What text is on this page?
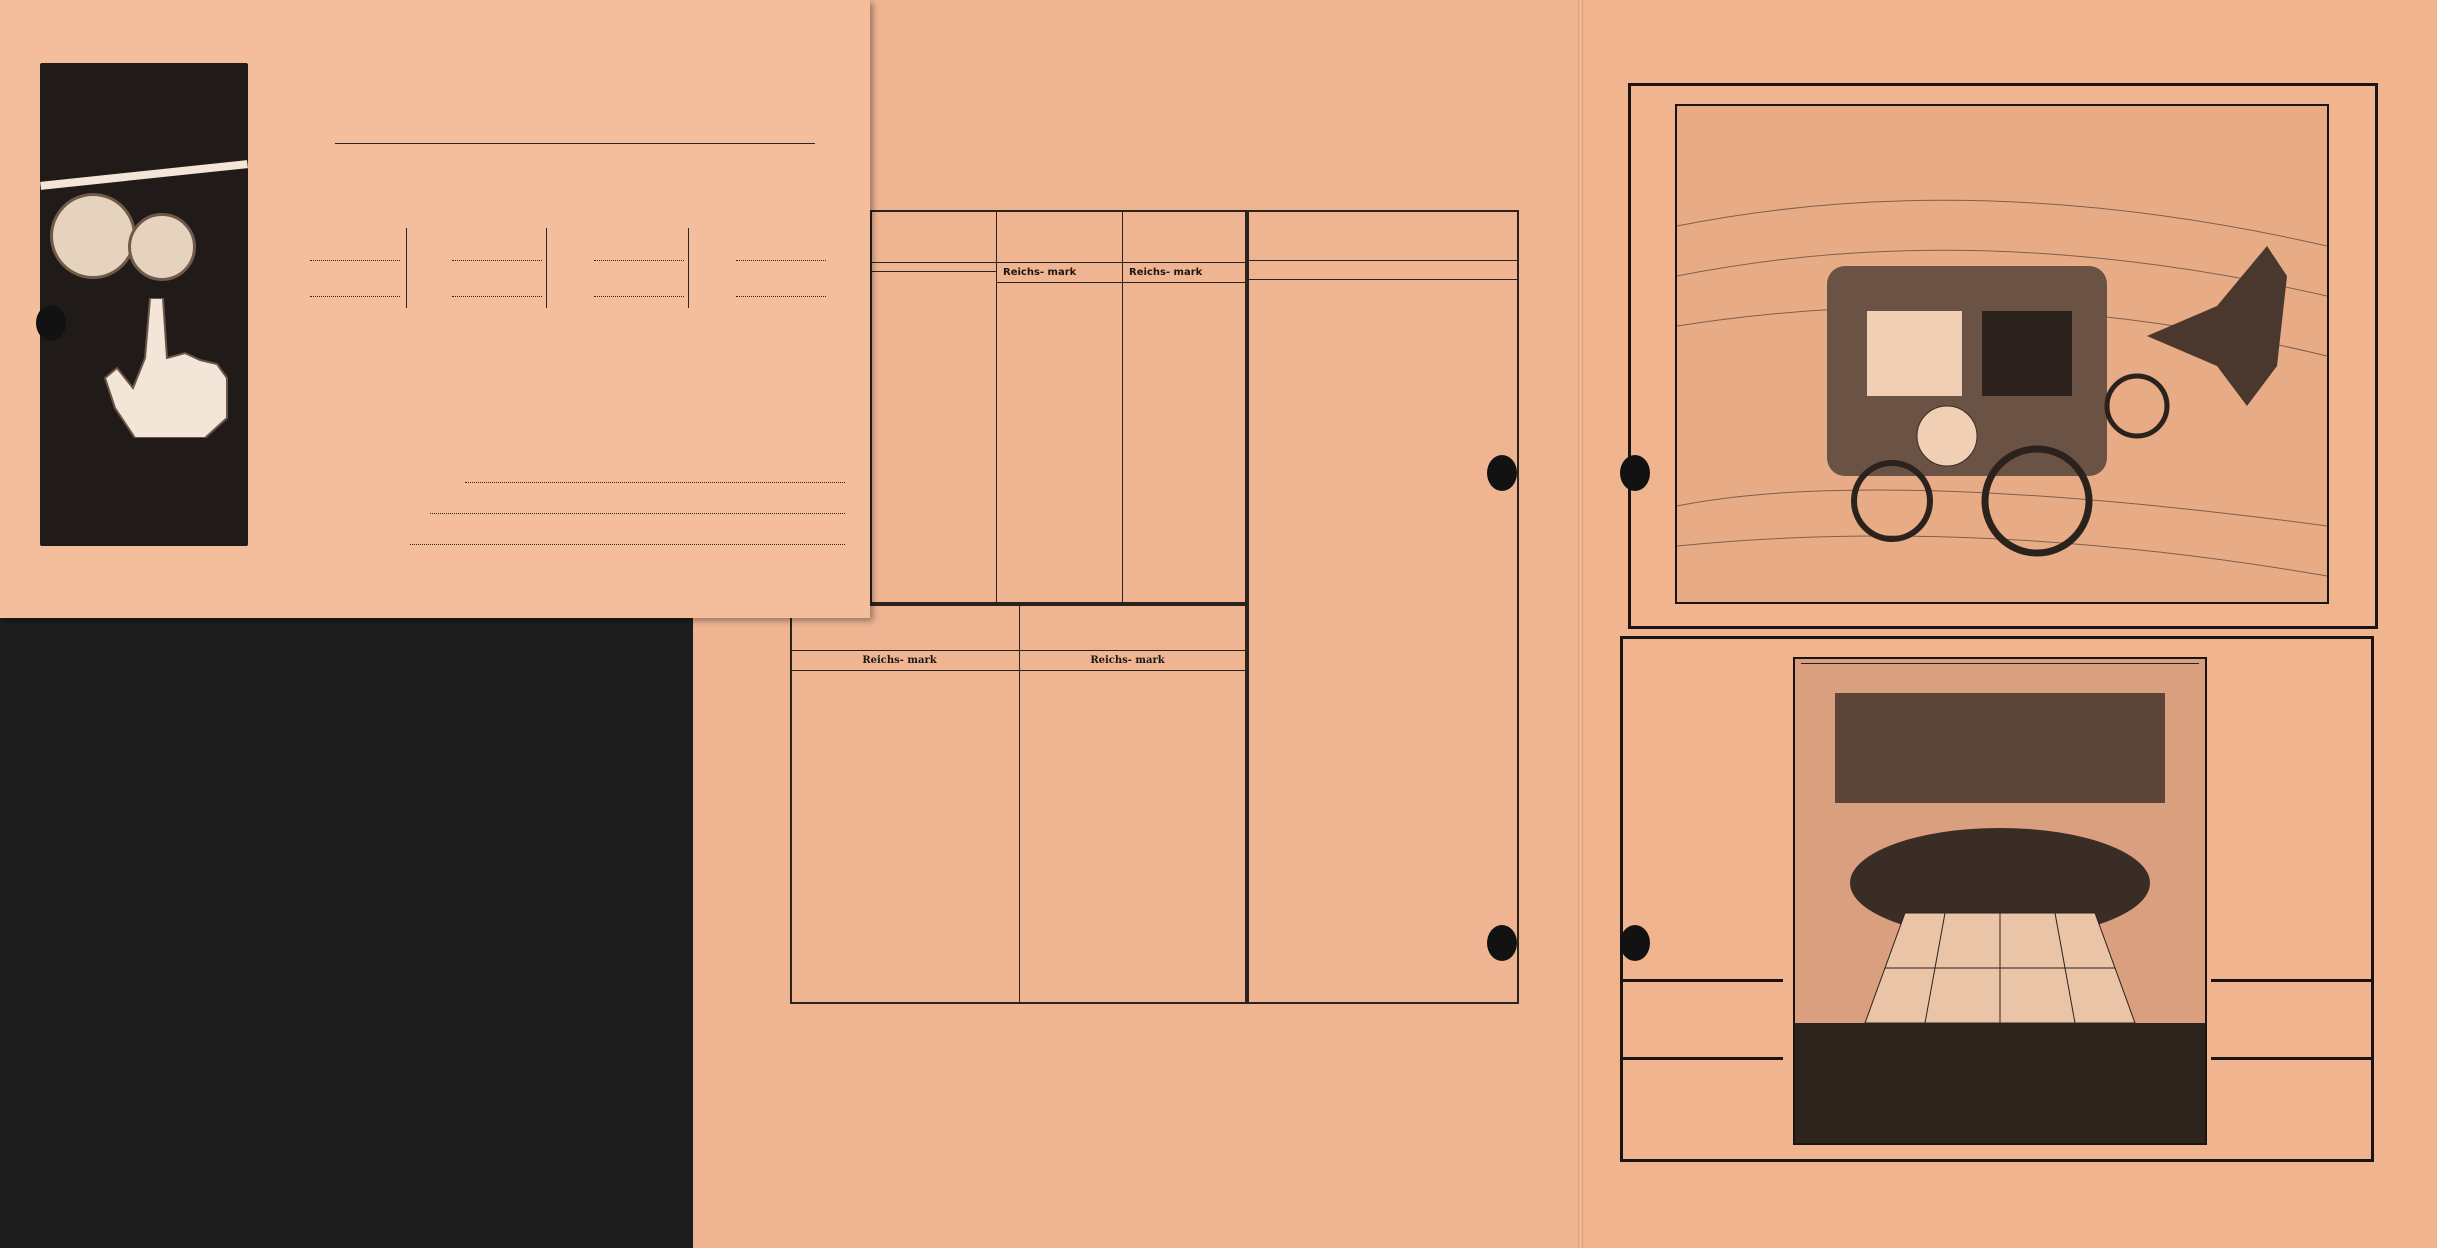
Reichs- mark	Reichs- mark
Reichs- mark	Reichs- mark
